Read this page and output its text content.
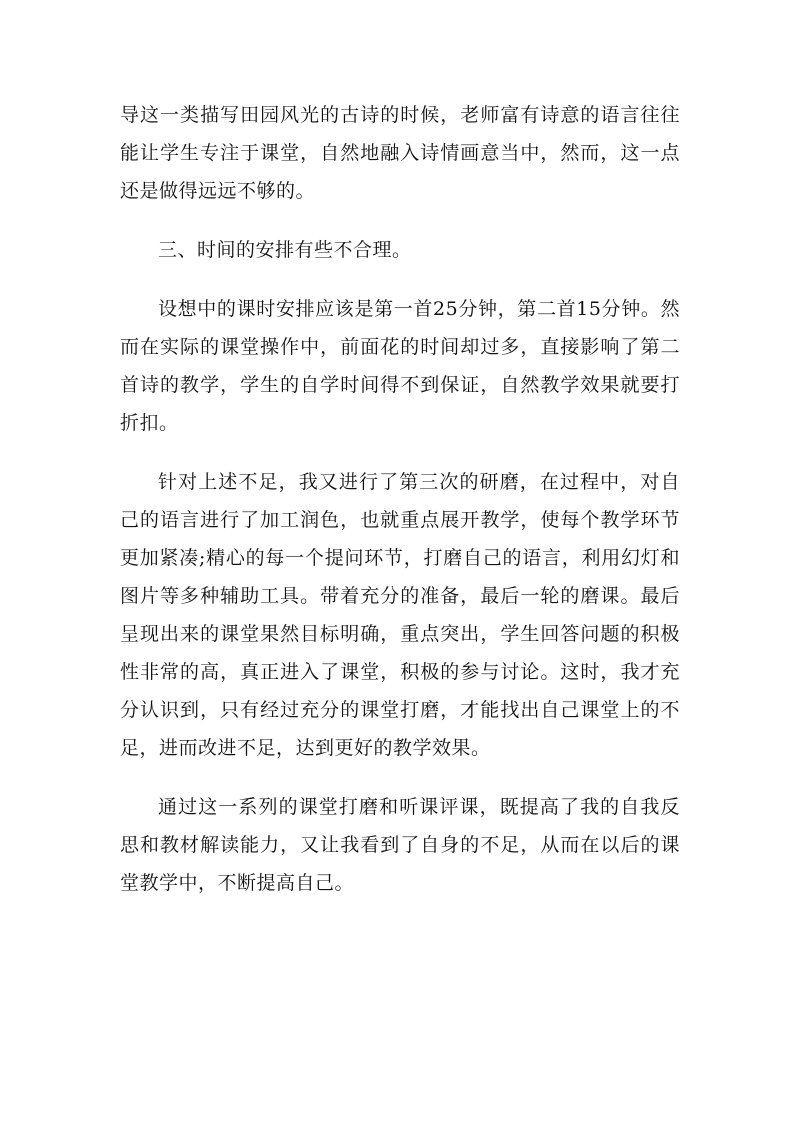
导这一类描写田园风光的古诗的时候，老师富有诗意的语言往往能让学生专注于课堂，自然地融入诗情画意当中，然而，这一点还是做得远远不够的。

三、时间的安排有些不合理。

设想中的课时安排应该是第一首25分钟，第二首15分钟。然而在实际的课堂操作中，前面花的时间却过多，直接影响了第二首诗的教学，学生的自学时间得不到保证，自然教学效果就要打折扣。

针对上述不足，我又进行了第三次的研磨，在过程中，对自己的语言进行了加工润色，也就重点展开教学，使每个教学环节更加紧凑;精心的每一个提问环节，打磨自己的语言，利用幻灯和图片等多种辅助工具。带着充分的准备，最后一轮的磨课。最后呈现出来的课堂果然目标明确，重点突出，学生回答问题的积极性非常的高，真正进入了课堂，积极的参与讨论。这时，我才充分认识到，只有经过充分的课堂打磨，才能找出自己课堂上的不足，进而改进不足，达到更好的教学效果。

通过这一系列的课堂打磨和听课评课，既提高了我的自我反思和教材解读能力，又让我看到了自身的不足，从而在以后的课堂教学中，不断提高自己。
